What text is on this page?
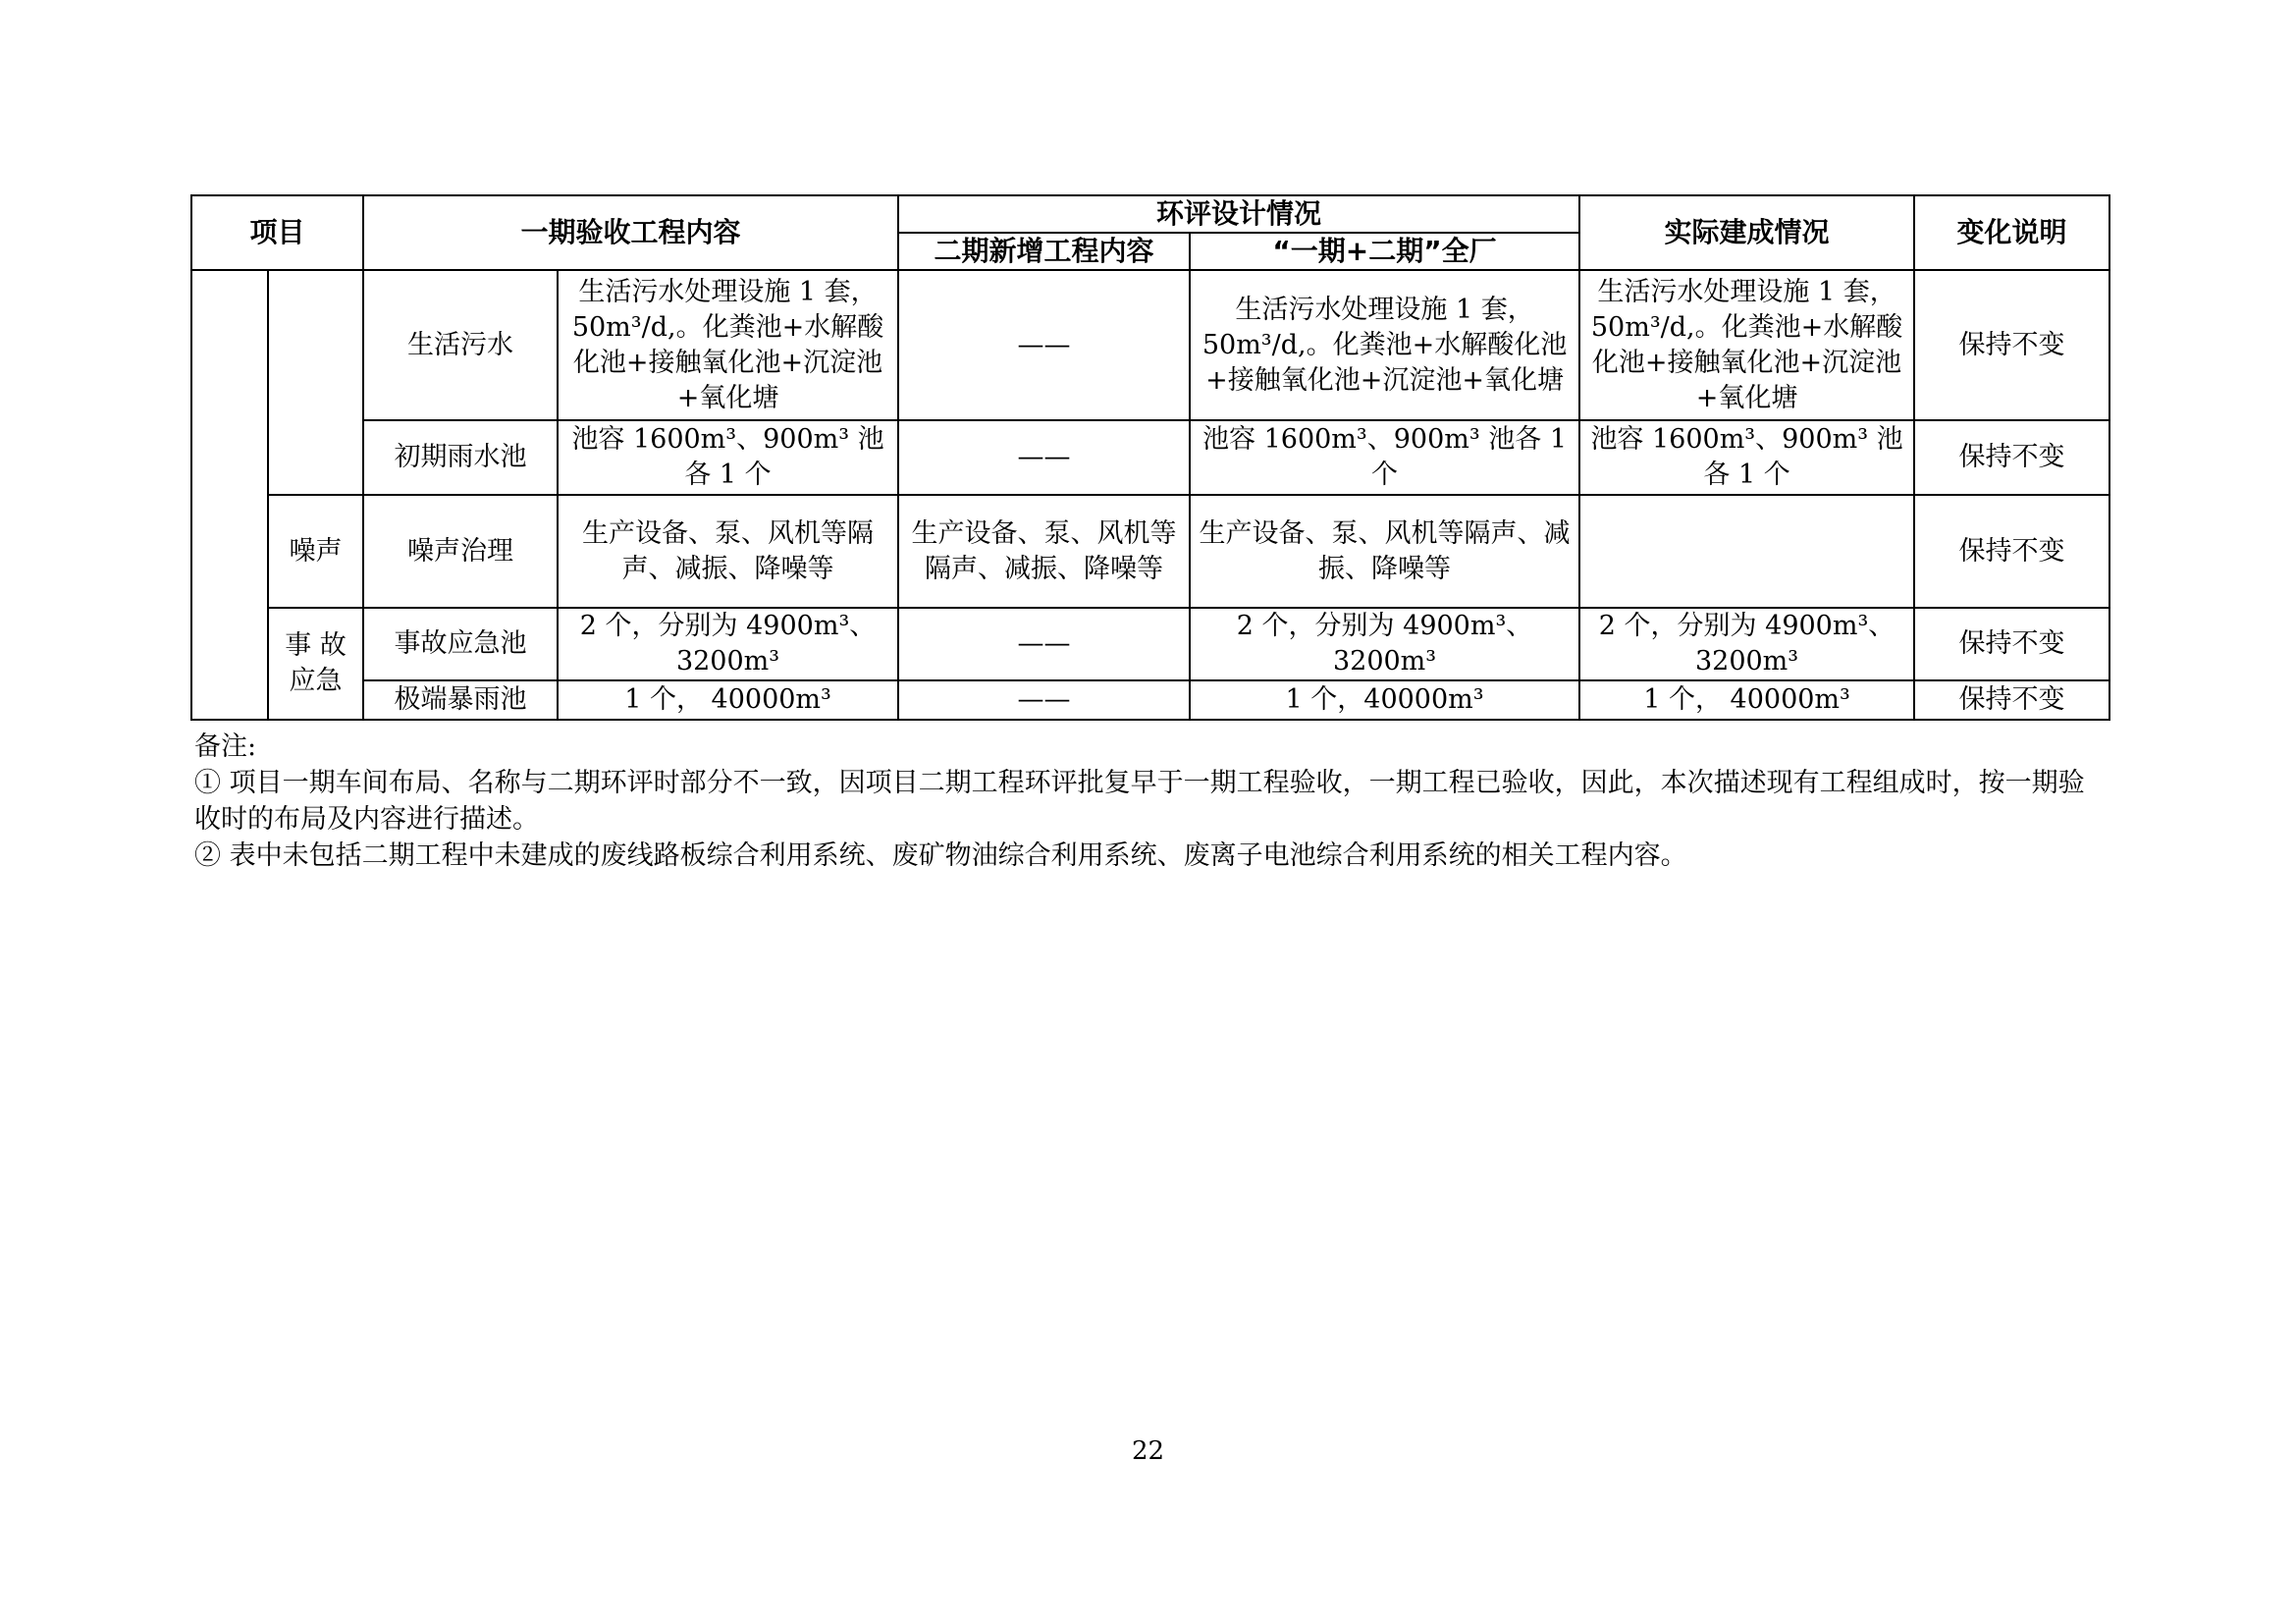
项目		一期验收工程内容		环评设计情况		实际建成情况	变化说明
				二期新增工程内容	“一期+二期”全厂		
		生活污水	生活污水处理设施 1 套，50m³/d,。化粪池+水解酸化池+接触氧化池+沉淀池+氧化塘	——	生活污水处理设施 1 套，50m³/d,。化粪池+水解酸化池+接触氧化池+沉淀池+氧化塘	生活污水处理设施 1 套，50m³/d,。化粪池+水解酸化池+接触氧化池+沉淀池+氧化塘	保持不变
		初期雨水池	池容 1600m³、900m³ 池各 1 个	——	池容 1600m³、900m³ 池各 1 个	池容 1600m³、900m³ 池各 1 个	保持不变
	噪声	噪声治理	生产设备、泵、风机等隔声、减振、降噪等	生产设备、泵、风机等隔声、减振、降噪等	生产设备、泵、风机等隔声、减振、降噪等		保持不变
	事 故 应急	事故应急池	2 个，分别为 4900m³、3200m³	——	2 个，分别为 4900m³、3200m³	2 个，分别为 4900m³、3200m³	保持不变
		极端暴雨池	1 个， 40000m³	——	1 个，40000m³	1 个， 40000m³	保持不变

备注:

① 项目一期车间布局、名称与二期环评时部分不一致，因项目二期工程环评批复早于一期工程验收，一期工程已验收，因此，本次描述现有工程组成时，按一期验收时的布局及内容进行描述。

② 表中未包括二期工程中未建成的废线路板综合利用系统、废矿物油综合利用系统、废离子电池综合利用系统的相关工程内容。

22
